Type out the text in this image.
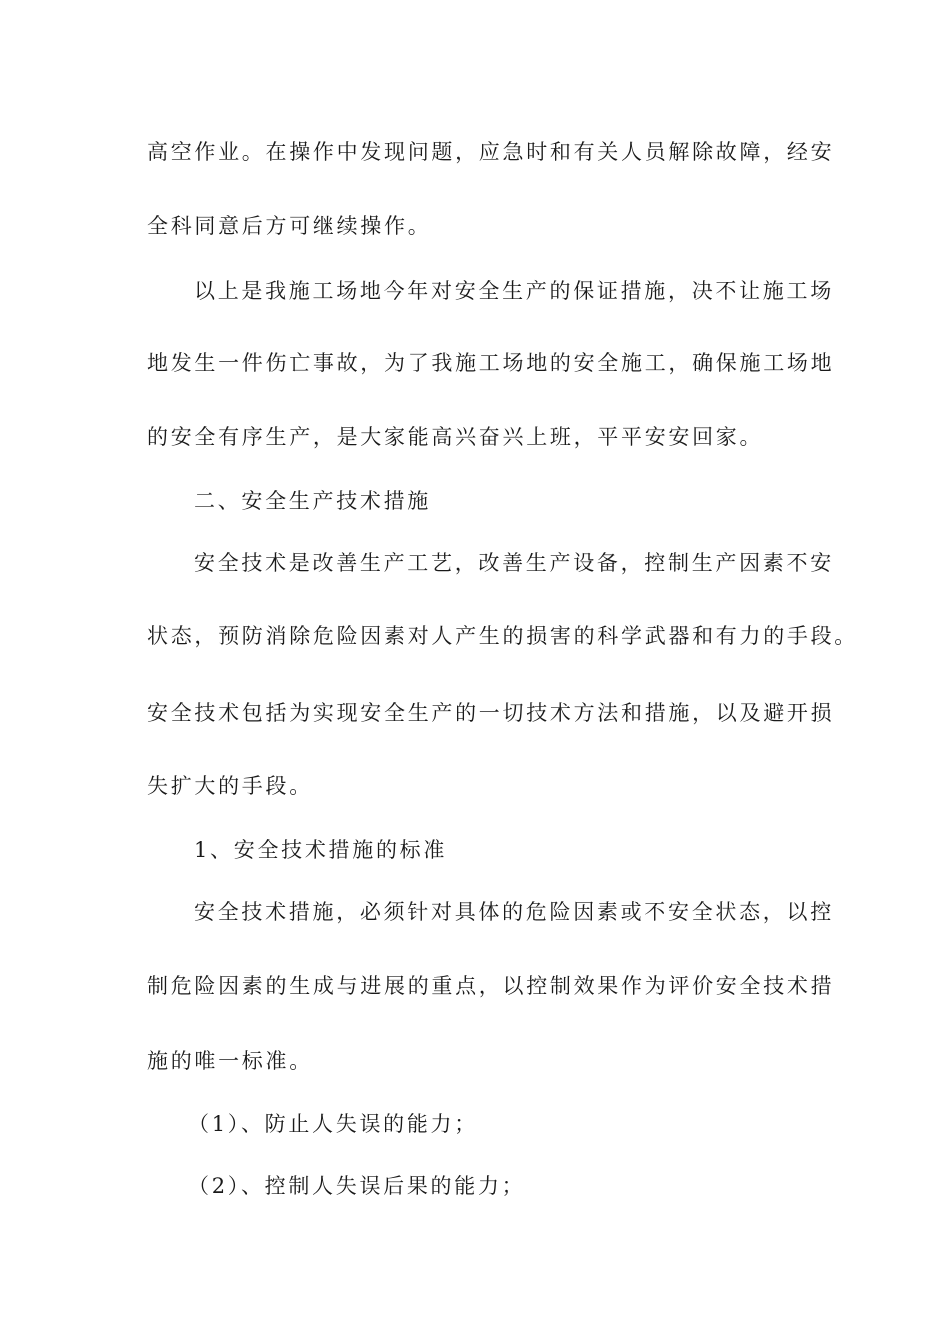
高空作业。在操作中发现问题，应急时和有关人员解除故障，经安
全科同意后方可继续操作。
以上是我施工场地今年对安全生产的保证措施，决不让施工场
地发生一件伤亡事故，为了我施工场地的安全施工，确保施工场地
的安全有序生产，是大家能高兴奋兴上班，平平安安回家。
二、安全生产技术措施
安全技术是改善生产工艺，改善生产设备，控制生产因素不安
状态，预防消除危险因素对人产生的损害的科学武器和有力的手段。
安全技术包括为实现安全生产的一切技术方法和措施，以及避开损
失扩大的手段。
1、安全技术措施的标准
安全技术措施，必须针对具体的危险因素或不安全状态，以控
制危险因素的生成与进展的重点，以控制效果作为评价安全技术措
施的唯一标准。
（1）、防止人失误的能力；
（2）、控制人失误后果的能力；
